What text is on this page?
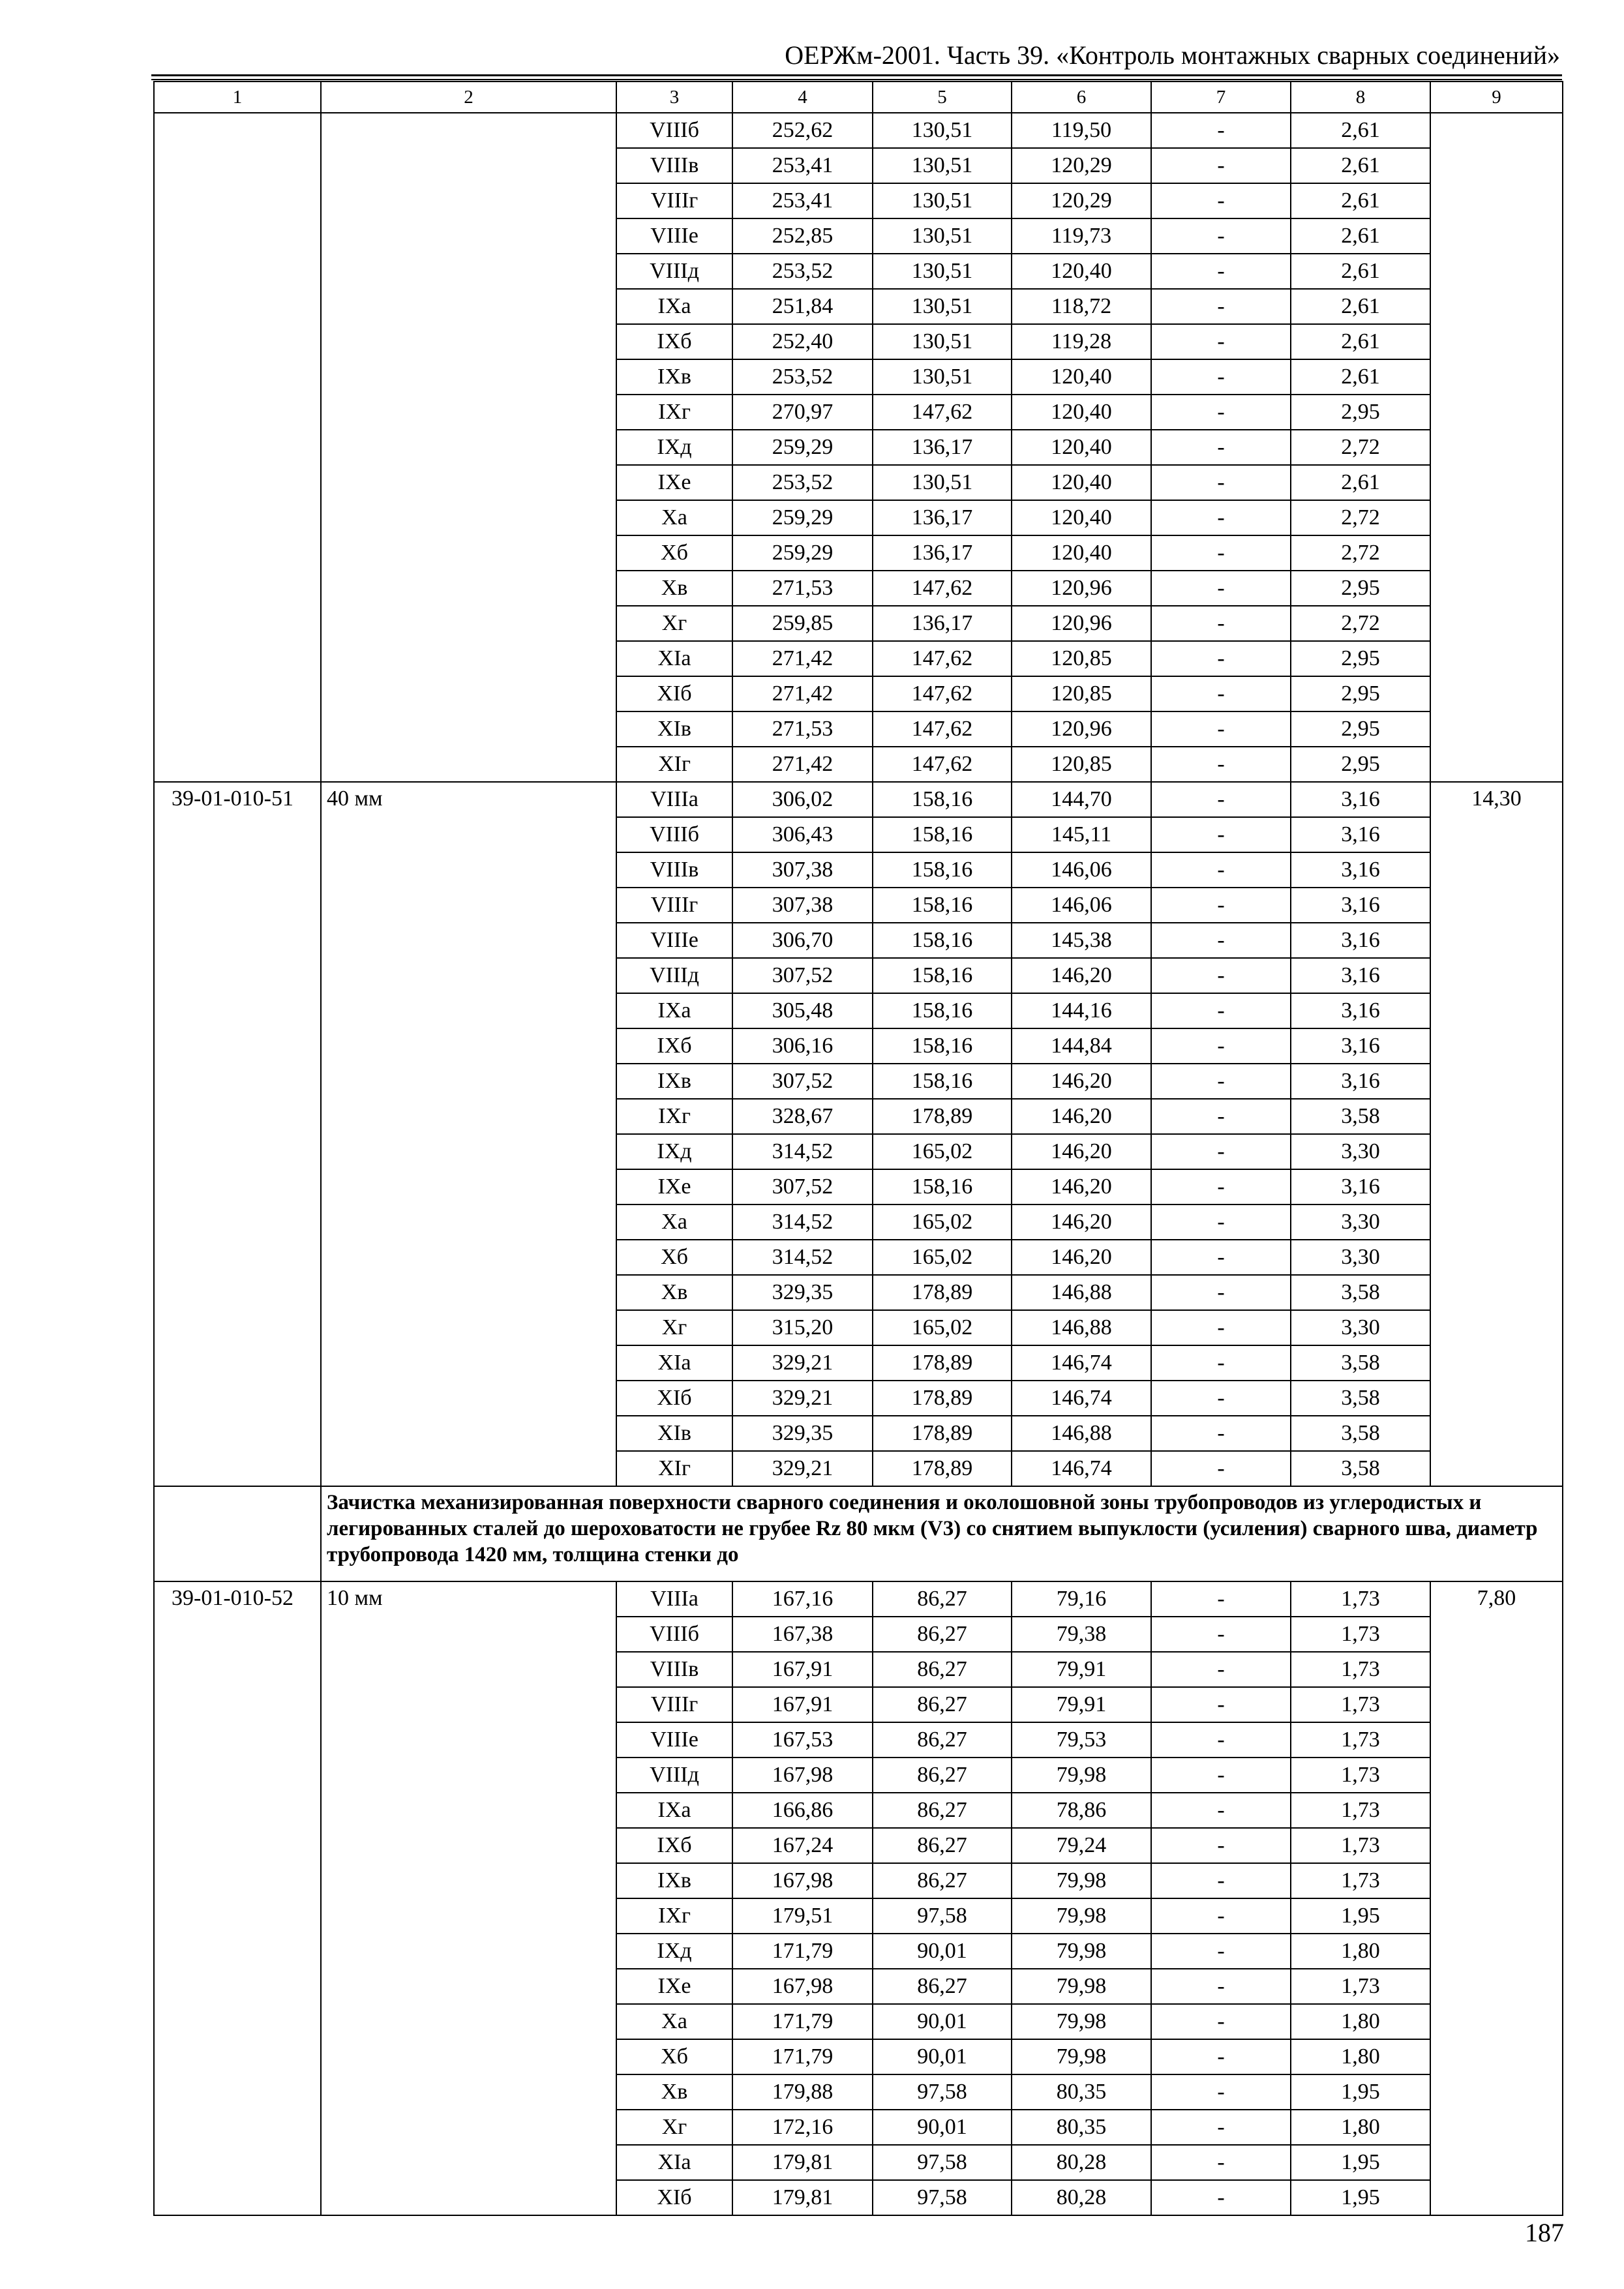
ОЕРЖм-2001. Часть 39. «Контроль монтажных сварных соединений»
1	2	3	4	5	6	7	8	9
		VIIIб	252,62	130,51	119,50	-	2,61	
		VIIIв	253,41	130,51	120,29	-	2,61	
		VIIIг	253,41	130,51	120,29	-	2,61	
		VIIIе	252,85	130,51	119,73	-	2,61	
		VIIIд	253,52	130,51	120,40	-	2,61	
		IXа	251,84	130,51	118,72	-	2,61	
		IXб	252,40	130,51	119,28	-	2,61	
		IXв	253,52	130,51	120,40	-	2,61	
		IXг	270,97	147,62	120,40	-	2,95	
		IXд	259,29	136,17	120,40	-	2,72	
		IXе	253,52	130,51	120,40	-	2,61	
		Xа	259,29	136,17	120,40	-	2,72	
		Xб	259,29	136,17	120,40	-	2,72	
		Xв	271,53	147,62	120,96	-	2,95	
		Xг	259,85	136,17	120,96	-	2,72	
		XIа	271,42	147,62	120,85	-	2,95	
		XIб	271,42	147,62	120,85	-	2,95	
		XIв	271,53	147,62	120,96	-	2,95	
		XIг	271,42	147,62	120,85	-	2,95	
39-01-010-51	40 мм	VIIIа	306,02	158,16	144,70	-	3,16	14,30
		VIIIб	306,43	158,16	145,11	-	3,16	
		VIIIв	307,38	158,16	146,06	-	3,16	
		VIIIг	307,38	158,16	146,06	-	3,16	
		VIIIе	306,70	158,16	145,38	-	3,16	
		VIIIд	307,52	158,16	146,20	-	3,16	
		IXа	305,48	158,16	144,16	-	3,16	
		IXб	306,16	158,16	144,84	-	3,16	
		IXв	307,52	158,16	146,20	-	3,16	
		IXг	328,67	178,89	146,20	-	3,58	
		IXд	314,52	165,02	146,20	-	3,30	
		IXе	307,52	158,16	146,20	-	3,16	
		Xа	314,52	165,02	146,20	-	3,30	
		Xб	314,52	165,02	146,20	-	3,30	
		Xв	329,35	178,89	146,88	-	3,58	
		Xг	315,20	165,02	146,88	-	3,30	
		XIа	329,21	178,89	146,74	-	3,58	
		XIб	329,21	178,89	146,74	-	3,58	
		XIв	329,35	178,89	146,88	-	3,58	
		XIг	329,21	178,89	146,74	-	3,58	
	Зачистка механизированная поверхности сварного соединения и околошовной зоны трубопроводов из углеродистых и легированных сталей до шероховатости не грубее Rz 80 мкм (V3) со снятием выпуклости (усиления) сварного шва, диаметр трубопровода 1420 мм, толщина стенки до							
39-01-010-52	10 мм	VIIIа	167,16	86,27	79,16	-	1,73	7,80
		VIIIб	167,38	86,27	79,38	-	1,73	
		VIIIв	167,91	86,27	79,91	-	1,73	
		VIIIг	167,91	86,27	79,91	-	1,73	
		VIIIе	167,53	86,27	79,53	-	1,73	
		VIIIд	167,98	86,27	79,98	-	1,73	
		IXа	166,86	86,27	78,86	-	1,73	
		IXб	167,24	86,27	79,24	-	1,73	
		IXв	167,98	86,27	79,98	-	1,73	
		IXг	179,51	97,58	79,98	-	1,95	
		IXд	171,79	90,01	79,98	-	1,80	
		IXе	167,98	86,27	79,98	-	1,73	
		Xа	171,79	90,01	79,98	-	1,80	
		Xб	171,79	90,01	79,98	-	1,80	
		Xв	179,88	97,58	80,35	-	1,95	
		Xг	172,16	90,01	80,35	-	1,80	
		XIа	179,81	97,58	80,28	-	1,95	
		XIб	179,81	97,58	80,28	-	1,95	
187
